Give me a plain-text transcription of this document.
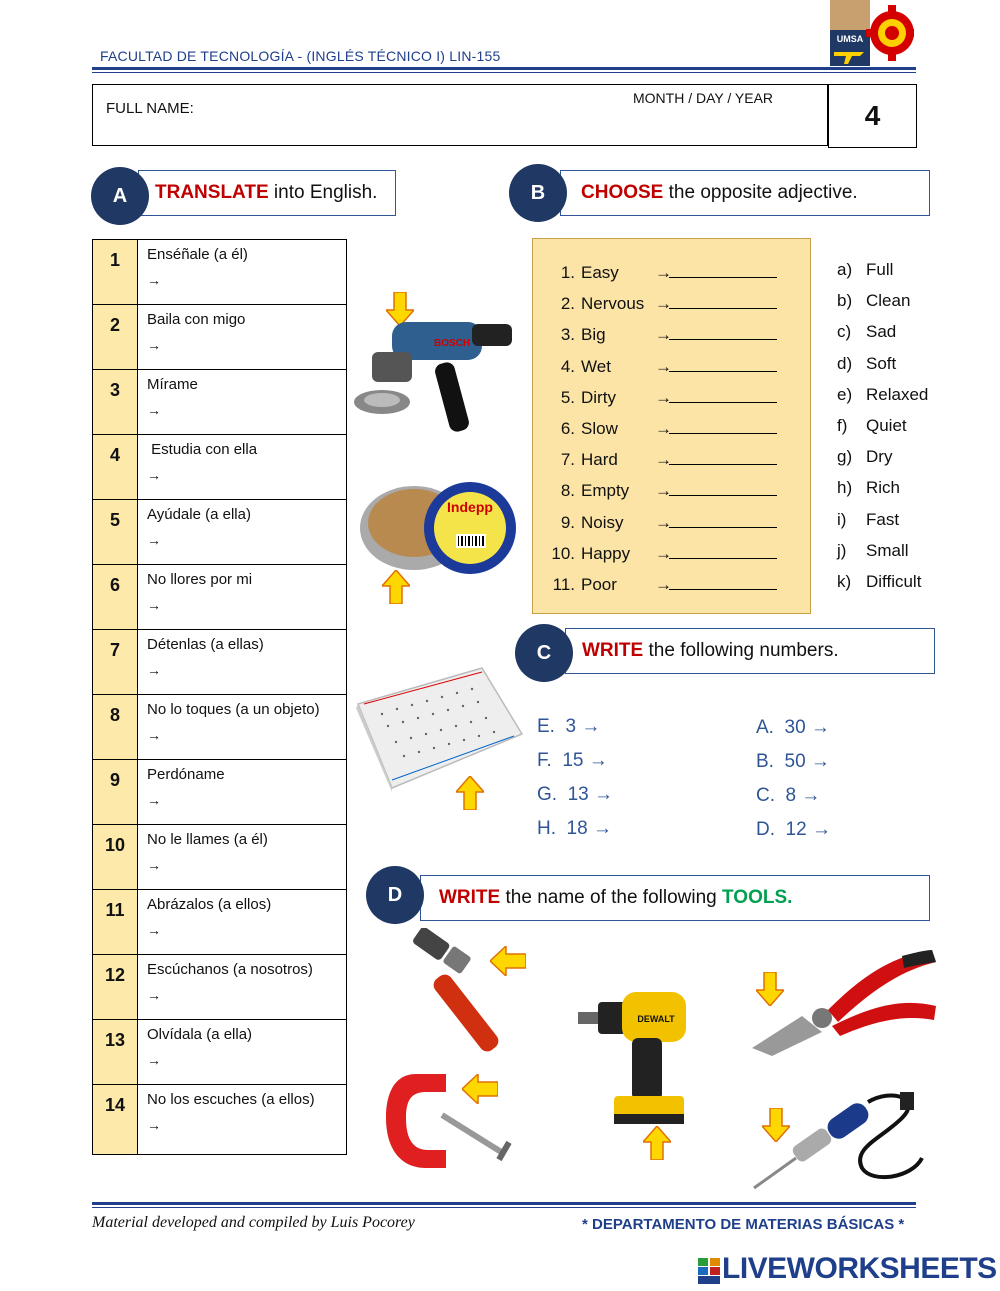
FACULTAD DE TECNOLOGÍA - (INGLÉS TÉCNICO I) LIN-155
UMSA
FULL NAME:
MONTH / DAY / YEAR
4
TRANSLATE into English.
A	CHOOSE the opposite adjective.
B
1	Enséñale (a él)
→

2	Baila con migo
→

3	Mírame
→

4	Estudia con ella
→

5	Ayúdale (a ella)
→

6	No llores por mi
→

7	Détenlas (a ellas)
→

8	No lo toques (a un objeto)
→

9	Perdóname
→

10	No le llames (a él)
→

11	Abrázalos (a ellos)
→

12	Escúchanos (a nosotros)
→

13	Olvídala (a ella)
→

14	No los escuches (a ellos)
→
BOSCH
Indepp
1. Easy	→
2. Nervous →
3. Big	→
4. Wet	→
5. Dirty	→
6. Slow	→
7. Hard	→
8. Empty	→
9. Noisy	→
10. Happy	→
11. Poor	→
a) Full
b) Clean
c) Sad
d) Soft
e) Relaxed
f)	Quiet
g) Dry
h) Rich
i)	Fast
j)	Small
k) Difficult
WRITE the following numbers.
C
E.  3 →
F.  15 →
G.  13 →
H.  18 →
A.  30 →
B.  50 →
C.  8 →
D.  12 →
WRITE the name of the following TOOLS.
D
DEWALT
Material developed and compiled by Luis Pocorey	* DEPARTAMENTO DE MATERIAS BÁSICAS *
LIVEWORKSHEETS
